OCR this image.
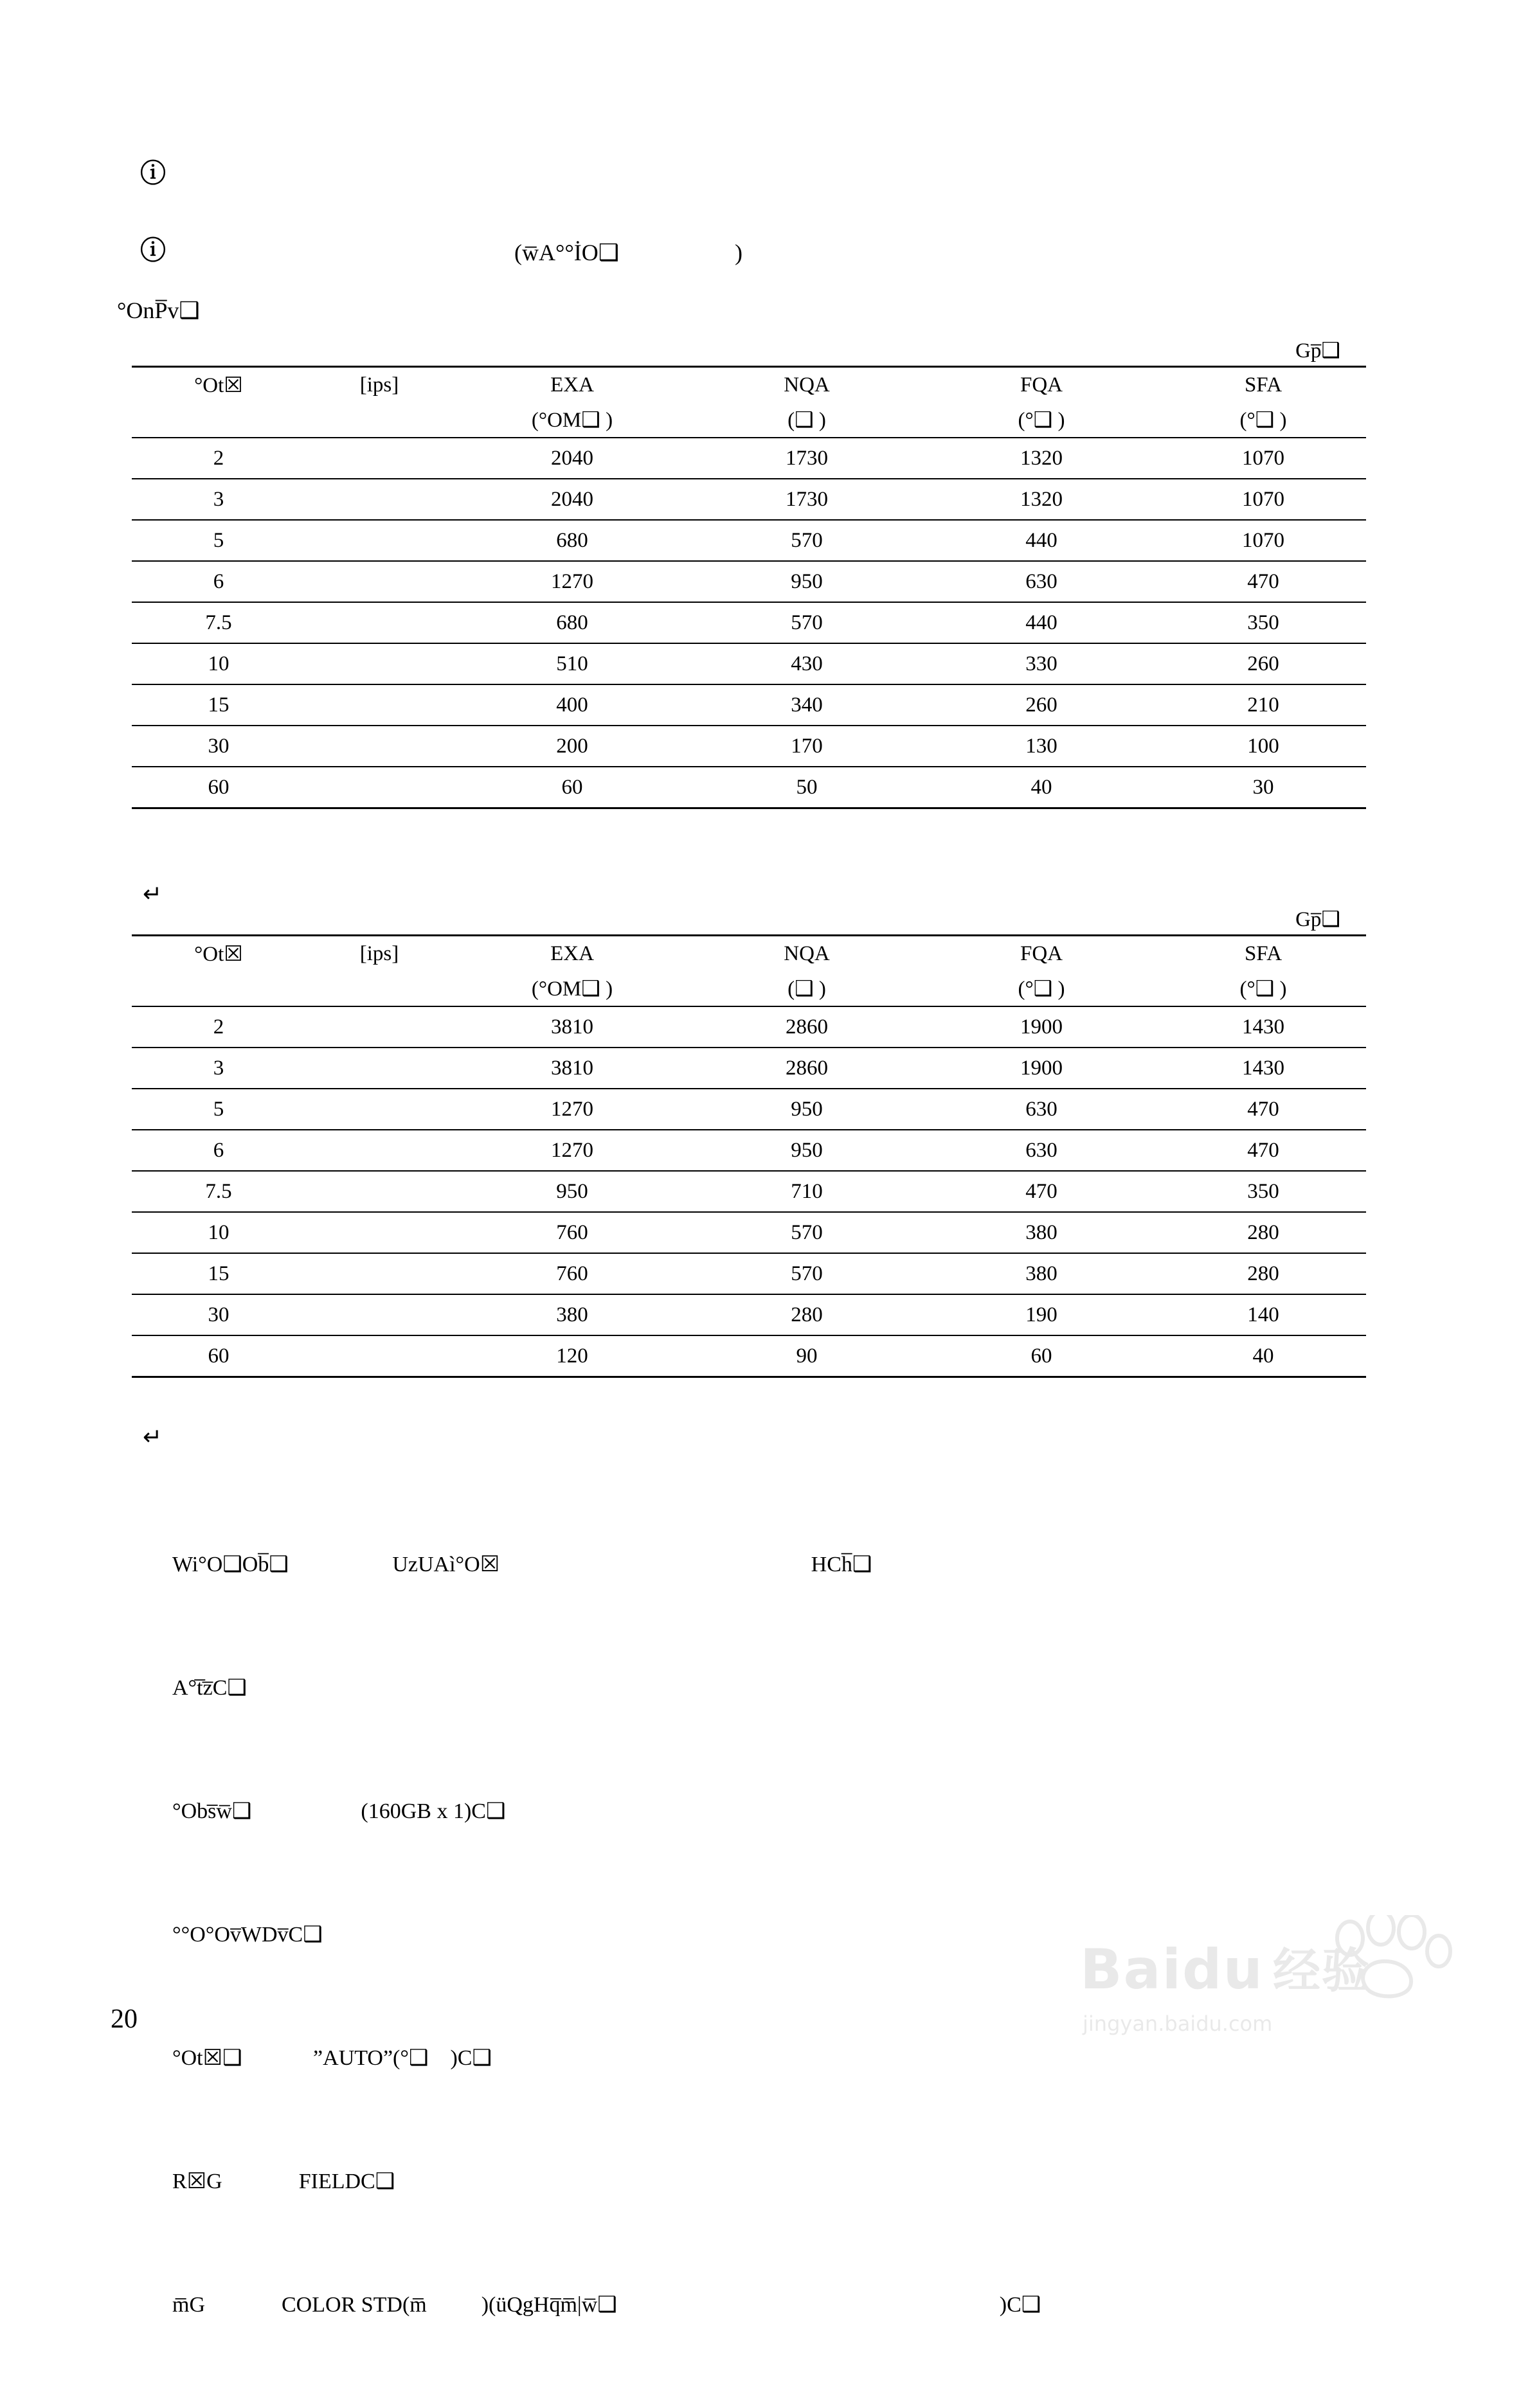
ⓘ
ⓘ	(w̅A°°İO❑                    )
°OnP̅v❑
Gp̅❑
°Ot☒	[ips]	EXA	NQA	FQA	SFA
		(°OM❑ )	(❑ )	(°❑ )	(°❑ )
2		2040	1730	1320	1070
3		2040	1730	1320	1070
5		680	570	440	1070
6		1270	950	630	470
7.5		680	570	440	350
10		510	430	330	260
15		400	340	260	210
30		200	170	130	100
60		60	50	40	30
↵
Gp̅❑
°Ot☒	[ips]	EXA	NQA	FQA	SFA
		(°OM❑ )	(❑ )	(°❑ )	(°❑ )
2		3810	2860	1900	1430
3		3810	2860	1900	1430
5		1270	950	630	470
6		1270	950	630	470
7.5		950	710	470	350
10		760	570	380	280
15		760	570	380	280
30		380	280	190	140
60		120	90	60	40
↵

Wi°O❑Ob̅❑                   UzUAì°O☒                                                         HCh̅❑

A°t̅z̅C❑

°Obs̅w̅❑                    (160GB x 1)C❑

°°O°Ov̅WDv̅C❑

°Ot☒❑             ”AUTO”(°❑    )C❑

R☒G              FIELDC❑

m̅G              COLOR STD(m̅          )(üQgHq̅m̅|w̅❑                                                                      )C❑

20
Baidu 经验
jingyan.baidu.com
